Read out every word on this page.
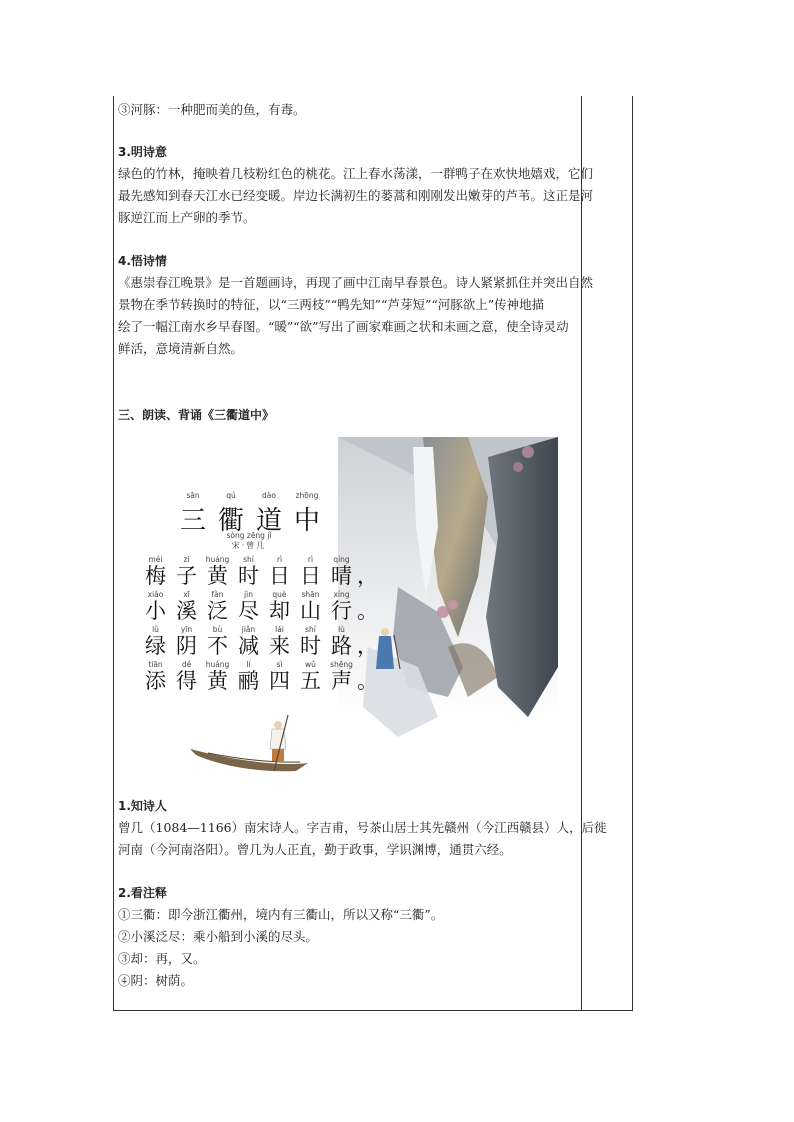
③河豚：一种肥而美的鱼，有毒。
3.明诗意
绿色的竹林，掩映着几枝粉红色的桃花。江上春水荡漾，一群鸭子在欢快地嬉戏，它们
最先感知到春天江水已经变暖。岸边长满初生的蒌蒿和刚刚发出嫩芽的芦苇。这正是河
豚逆江而上产卵的季节。
4.悟诗情
《惠崇春江晚景》是一首题画诗，再现了画中江南早春景色。诗人紧紧抓住并突出自然
景物在季节转换时的特征，以“三两枝”“鸭先知”“芦芽短”“河豚欲上”传神地描
绘了一幅江南水乡早春图。“暖”“欲”写出了画家难画之状和未画之意，使全诗灵动
鲜活，意境清新自然。
三、朗读、背诵《三衢道中》
sān	qú	dào	zhōng
三 衢 道 中
sòng zēng jǐ
宋·曾几
méi	zi	huáng	shí	rì	rì	qíng
梅 子 黄 时 日 日 晴 ，
xiǎo	xī	fàn	jìn	què	shān	xíng
小 溪 泛 尽 却 山 行 。
lǜ	yīn	bù	jiǎn	lái	shí	lù
绿 阴 不 减 来 时 路 ，
tiān	dé	huáng	lí	sì	wǔ	shēng
添 得 黄 鹂 四 五 声 。
1.知诗人
曾几（1084—1166）南宋诗人。字吉甫，号茶山居士其先赣州（今江西赣县）人，后徙
河南（今河南洛阳）。曾几为人正直，勤于政事，学识渊博，通贯六经。
2.看注释
①三衢：即今浙江衢州，境内有三衢山，所以又称“三衢”。
②小溪泛尽：乘小船到小溪的尽头。
③却：再，又。
④阴：树荫。
